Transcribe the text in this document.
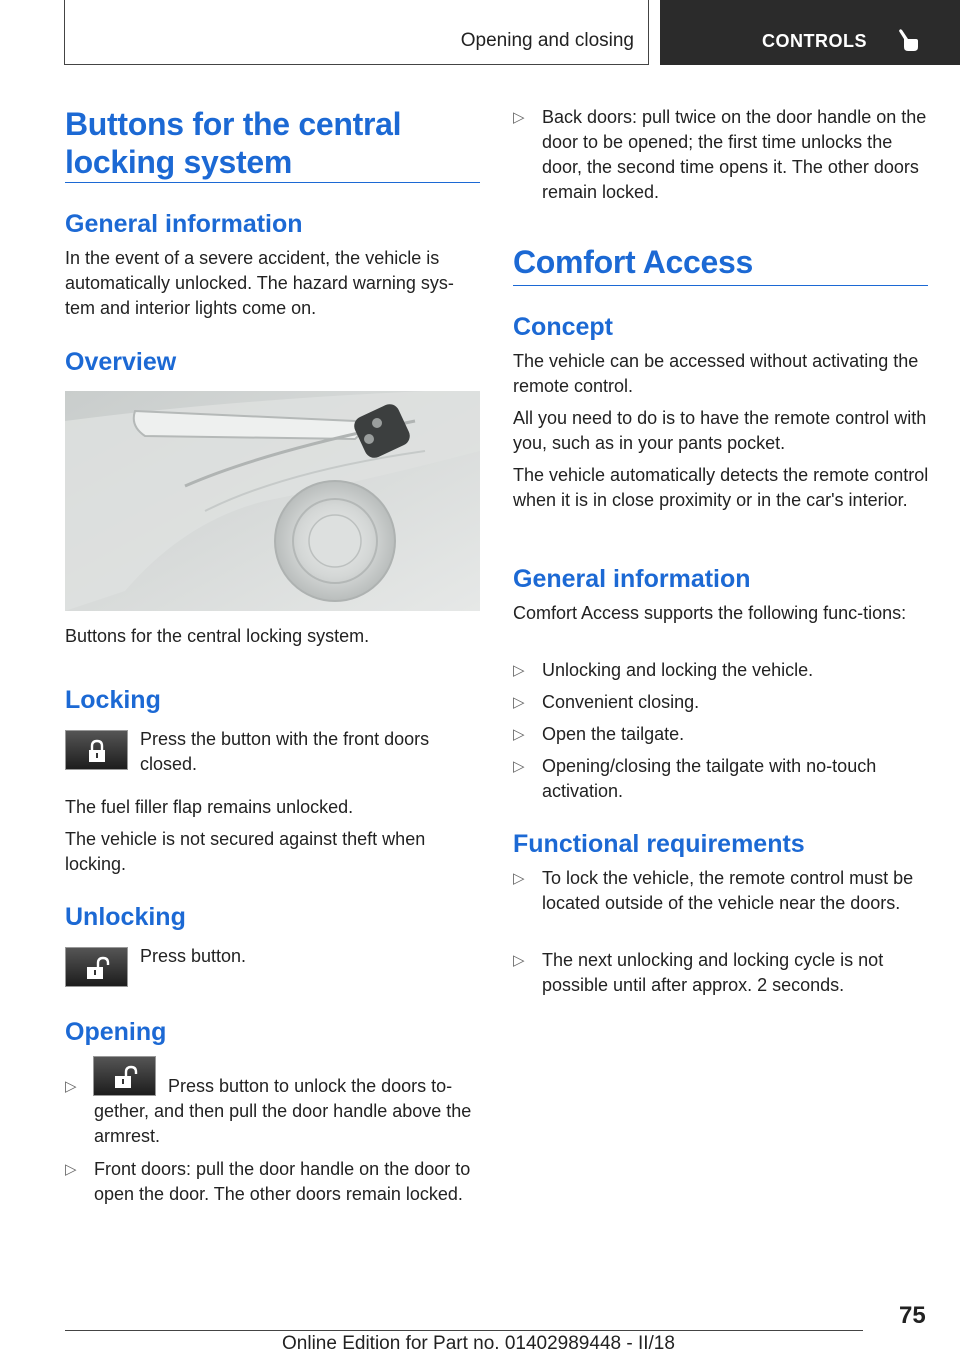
Opening and closing	CONTROLS
Buttons for the central locking system
General information
In the event of a severe accident, the vehicle is automatically unlocked. The hazard warning sys-tem and interior lights come on.
Overview
Buttons for the central locking system.
Locking
Press the button with the front doors closed.
The fuel filler flap remains unlocked.
The vehicle is not secured against theft when locking.
Unlocking
Press button.
Opening
▷	Press button to unlock the doors to-gether, and then pull the door handle above the armrest.
▷ Front doors: pull the door handle on the door to open the door. The other doors remain locked.
▷ Back doors: pull twice on the door handle on the door to be opened; the first time unlocks the door, the second time opens it. The other doors remain locked.
Comfort Access
Concept
The vehicle can be accessed without activating the remote control.
All you need to do is to have the remote control with you, such as in your pants pocket.
The vehicle automatically detects the remote control when it is in close proximity or in the car's interior.
General information
Comfort Access supports the following func-tions:
▷ Unlocking and locking the vehicle.
▷ Convenient closing.
▷ Open the tailgate.
▷ Opening/closing the tailgate with no-touch activation.
Functional requirements
▷ To lock the vehicle, the remote control must be located outside of the vehicle near the doors.
▷ The next unlocking and locking cycle is not possible until after approx. 2 seconds.
75
Online Edition for Part no. 01402989448 - II/18
